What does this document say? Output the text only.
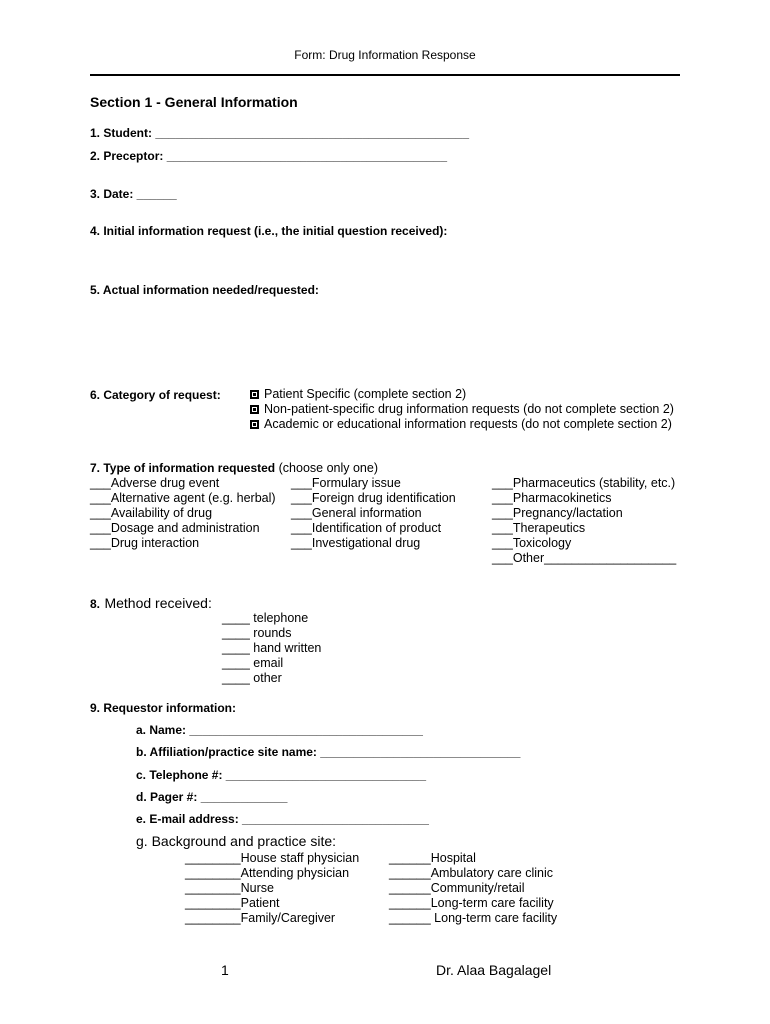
Form: Drug Information Response
Section 1 - General Information
1. Student: _______________________________________________
2. Preceptor: __________________________________________
3. Date: ______
4. Initial information request (i.e., the initial question received):
5. Actual information needed/requested:
6. Category of request:	Patient Specific (complete section 2)
Non-patient-specific drug information requests (do not complete section 2)
Academic or educational information requests (do not complete section 2)
7. Type of information requested (choose only one)
___Adverse drug event
___Alternative agent (e.g. herbal)
___Availability of drug
___Dosage and administration
___Drug interaction
___Formulary issue
___Foreign drug identification
___General information
___Identification of product
___Investigational drug
___Pharmaceutics (stability, etc.)
___Pharmacokinetics
___Pregnancy/lactation
___Therapeutics
___Toxicology
___Other___________________
8. Method received:
____ telephone
____ rounds
____ hand written
____ email
____ other
9. Requestor information:
a. Name: ___________________________________
b. Affiliation/practice site name: ______________________________
c. Telephone #: ______________________________
d. Pager #: _____________
e. E-mail address: ____________________________
g. Background and practice site:
________House staff physician
________Attending physician
________Nurse
________Patient
________Family/Caregiver
______Hospital
______Ambulatory care clinic
______Community/retail
______Long-term care facility
______ Long-term care facility
1	Dr. Alaa Bagalagel
